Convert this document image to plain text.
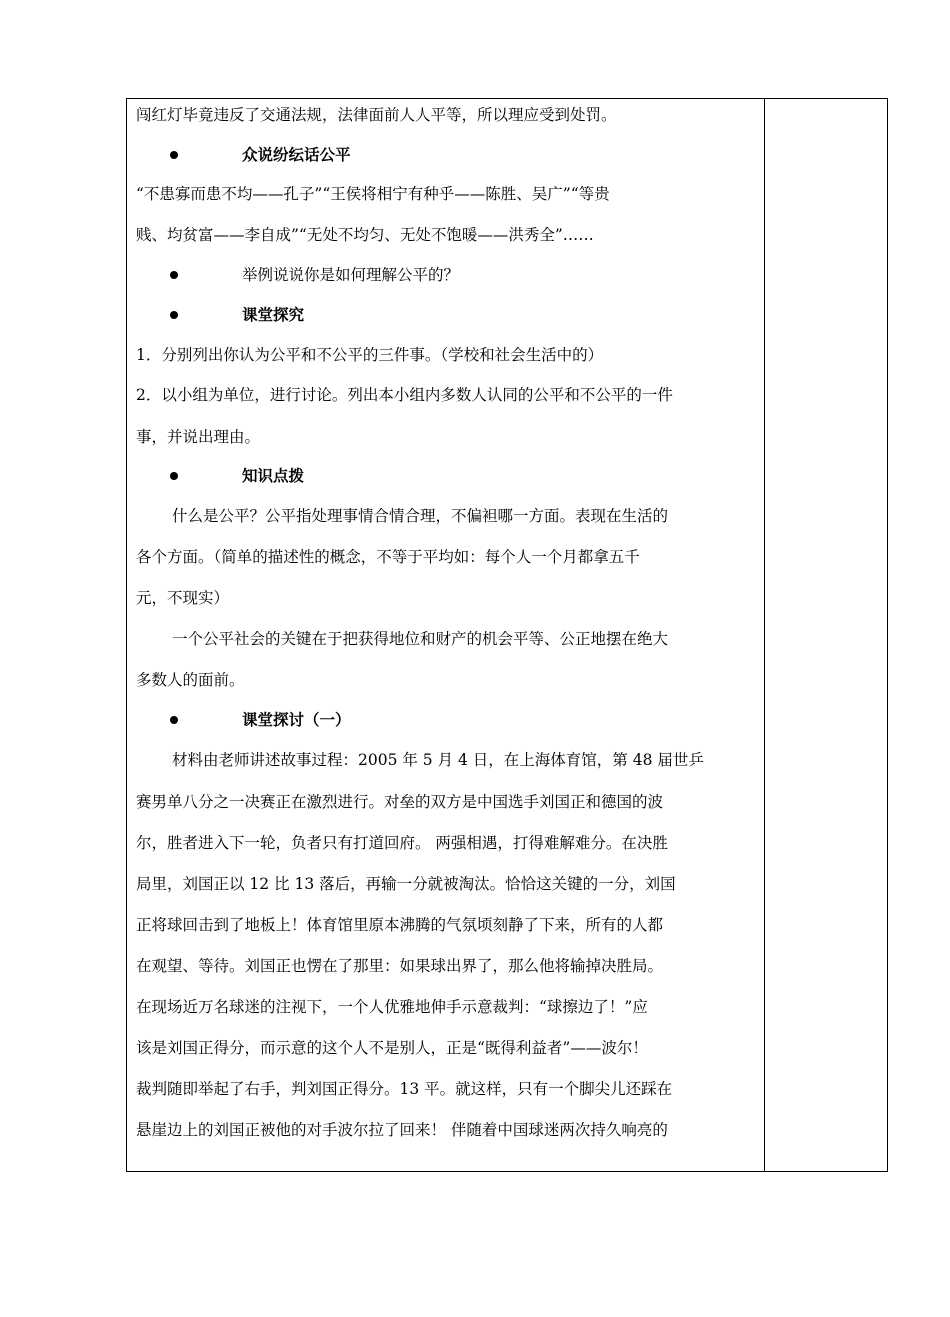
闯红灯毕竟违反了交通法规，法律面前人人平等，所以理应受到处罚。
众说纷纭话公平
“不患寡而患不均——孔子”“王侯将相宁有种乎——陈胜、吴广”“等贵
贱、均贫富——李自成”“无处不均匀、无处不饱暖——洪秀全”……
举例说说你是如何理解公平的？
课堂探究
1．分别列出你认为公平和不公平的三件事。（学校和社会生活中的）
2．以小组为单位，进行讨论。列出本小组内多数人认同的公平和不公平的一件
事，并说出理由。
知识点拨
什么是公平？公平指处理事情合情合理，不偏袒哪一方面。表现在生活的
各个方面。（简单的描述性的概念，不等于平均如：每个人一个月都拿五千
元，不现实）
一个公平社会的关键在于把获得地位和财产的机会平等、公正地摆在绝大
多数人的面前。
课堂探讨（一）
材料由老师讲述故事过程：2005 年 5 月 4 日，在上海体育馆，第 48 届世乒
赛男单八分之一决赛正在激烈进行。对垒的双方是中国选手刘国正和德国的波
尔，胜者进入下一轮，负者只有打道回府。 两强相遇，打得难解难分。在决胜
局里，刘国正以 12 比 13 落后，再输一分就被淘汰。恰恰这关键的一分，刘国
正将球回击到了地板上！体育馆里原本沸腾的气氛顷刻静了下来，所有的人都
在观望、等待。刘国正也愣在了那里：如果球出界了，那么他将输掉决胜局。
在现场近万名球迷的注视下，一个人优雅地伸手示意裁判：“球擦边了！”应
该是刘国正得分，而示意的这个人不是别人，正是“既得利益者”——波尔！
裁判随即举起了右手，判刘国正得分。13 平。就这样，只有一个脚尖儿还踩在
悬崖边上的刘国正被他的对手波尔拉了回来！ 伴随着中国球迷两次持久响亮的
